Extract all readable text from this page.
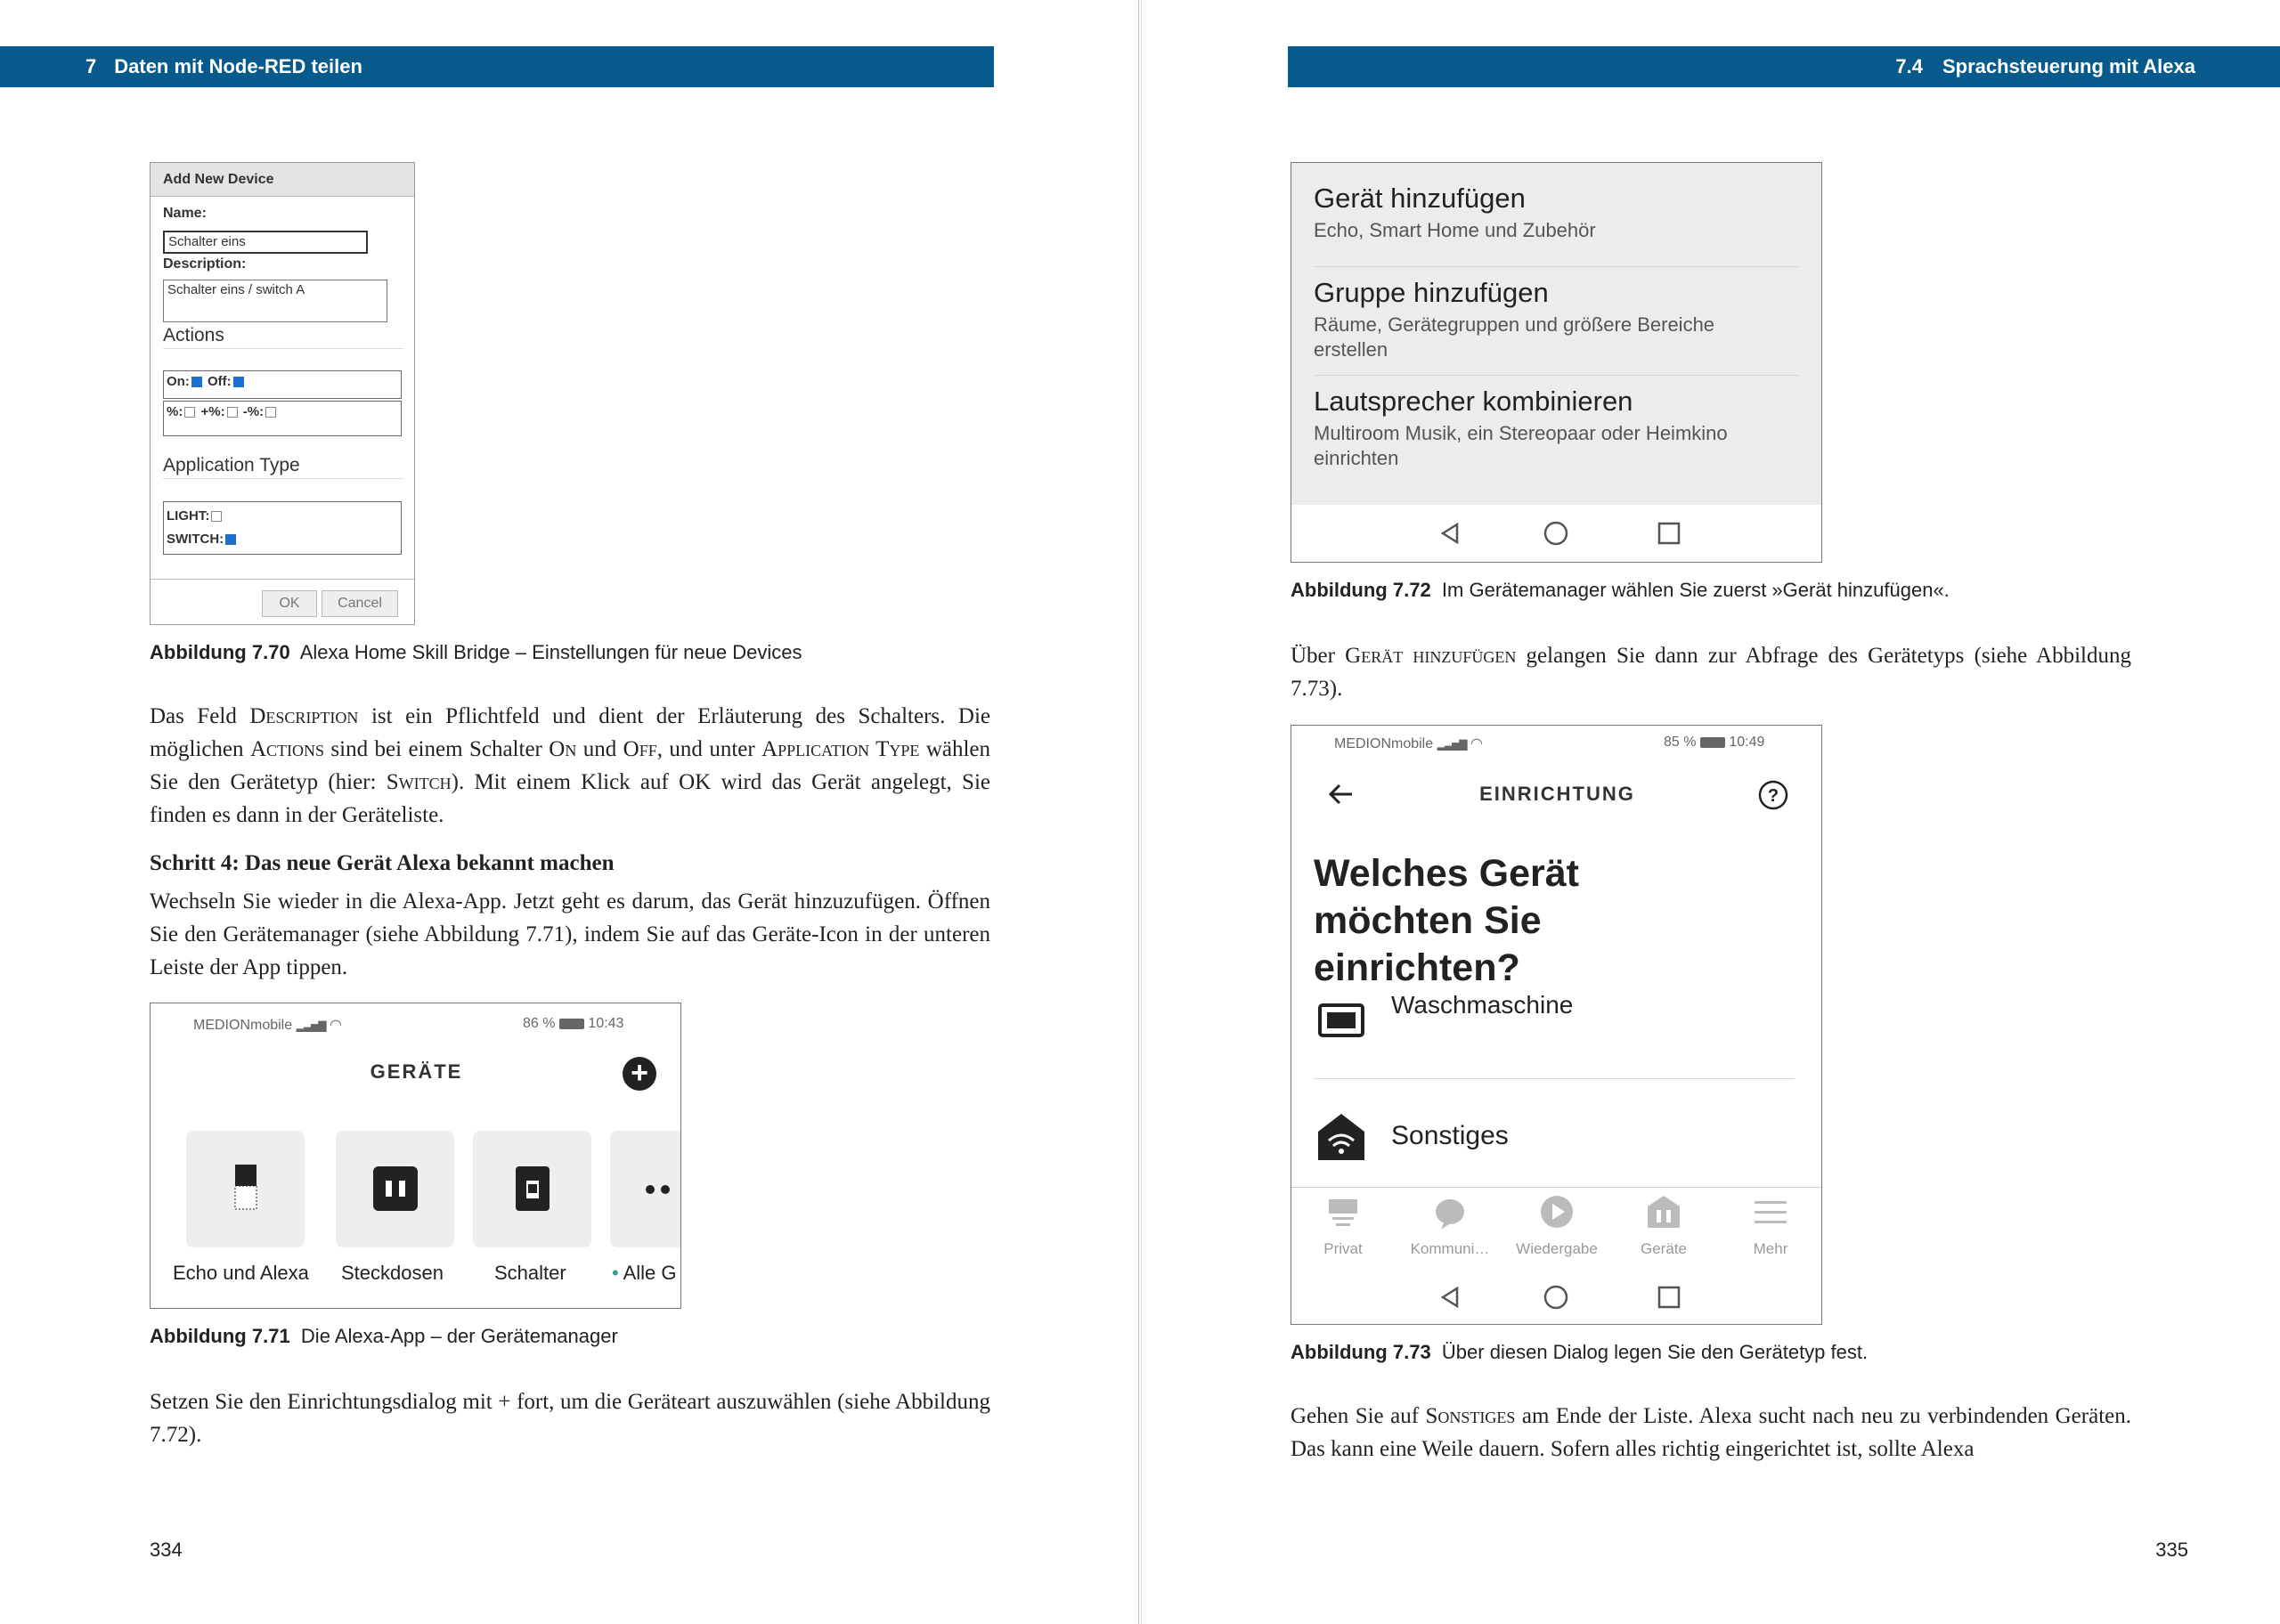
7 Daten mit Node-RED teilen
Add New Device
Name:
Schalter eins
Description:
Schalter eins / switch A
Actions
On: Off:
%: +%: -%:
Application Type
LIGHT:
SWITCH:
OK	Cancel
Abbildung 7.70 Alexa Home Skill Bridge – Einstellungen für neue Devices

Das Feld Description ist ein Pflichtfeld und dient der Erläuterung des Schalters. Die möglichen Actions sind bei einem Schalter On und Off, und unter Application Type wählen Sie den Gerätetyp (hier: Switch). Mit einem Klick auf OK wird das Gerät angelegt, Sie finden es dann in der Geräteliste.

Schritt 4: Das neue Gerät Alexa bekannt machen

Wechseln Sie wieder in die Alexa-App. Jetzt geht es darum, das Gerät hinzuzufügen. Öffnen Sie den Gerätemanager (siehe Abbildung 7.71), indem Sie auf das Geräte-Icon in der unteren Leiste der App tippen.

MEDIONmobile ▂▃▅▇ ◠	86 % 10:43
GERÄTE	+
Echo und Alexa Steckdosen	Schalter • Alle G
Abbildung 7.71 Die Alexa-App – der Gerätemanager

Setzen Sie den Einrichtungsdialog mit + fort, um die Geräteart auszuwählen (siehe Abbildung 7.72).

334
7.4 Sprachsteuerung mit Alexa
Gerät hinzufügen
Echo, Smart Home und Zubehör
Gruppe hinzufügen
Räume, Gerätegruppen und größere Bereiche erstellen
Lautsprecher kombinieren
Multiroom Musik, ein Stereopaar oder Heimkino einrichten
Abbildung 7.72 Im Gerätemanager wählen Sie zuerst »Gerät hinzufügen«.

Über Gerät hinzufügen gelangen Sie dann zur Abfrage des Gerätetyps (siehe Abbildung 7.73).

MEDIONmobile ▂▃▅▇ ◠	85 % 10:49
EINRICHTUNG	?
Welches Gerät möchten Sie einrichten?
Waschmaschine
Sonstiges
Privat	Kommuni…	Wiedergabe	Geräte	Mehr
Abbildung 7.73 Über diesen Dialog legen Sie den Gerätetyp fest.

Gehen Sie auf Sonstiges am Ende der Liste. Alexa sucht nach neu zu verbindenden Geräten. Das kann eine Weile dauern. Sofern alles richtig eingerichtet ist, sollte Alexa

335
